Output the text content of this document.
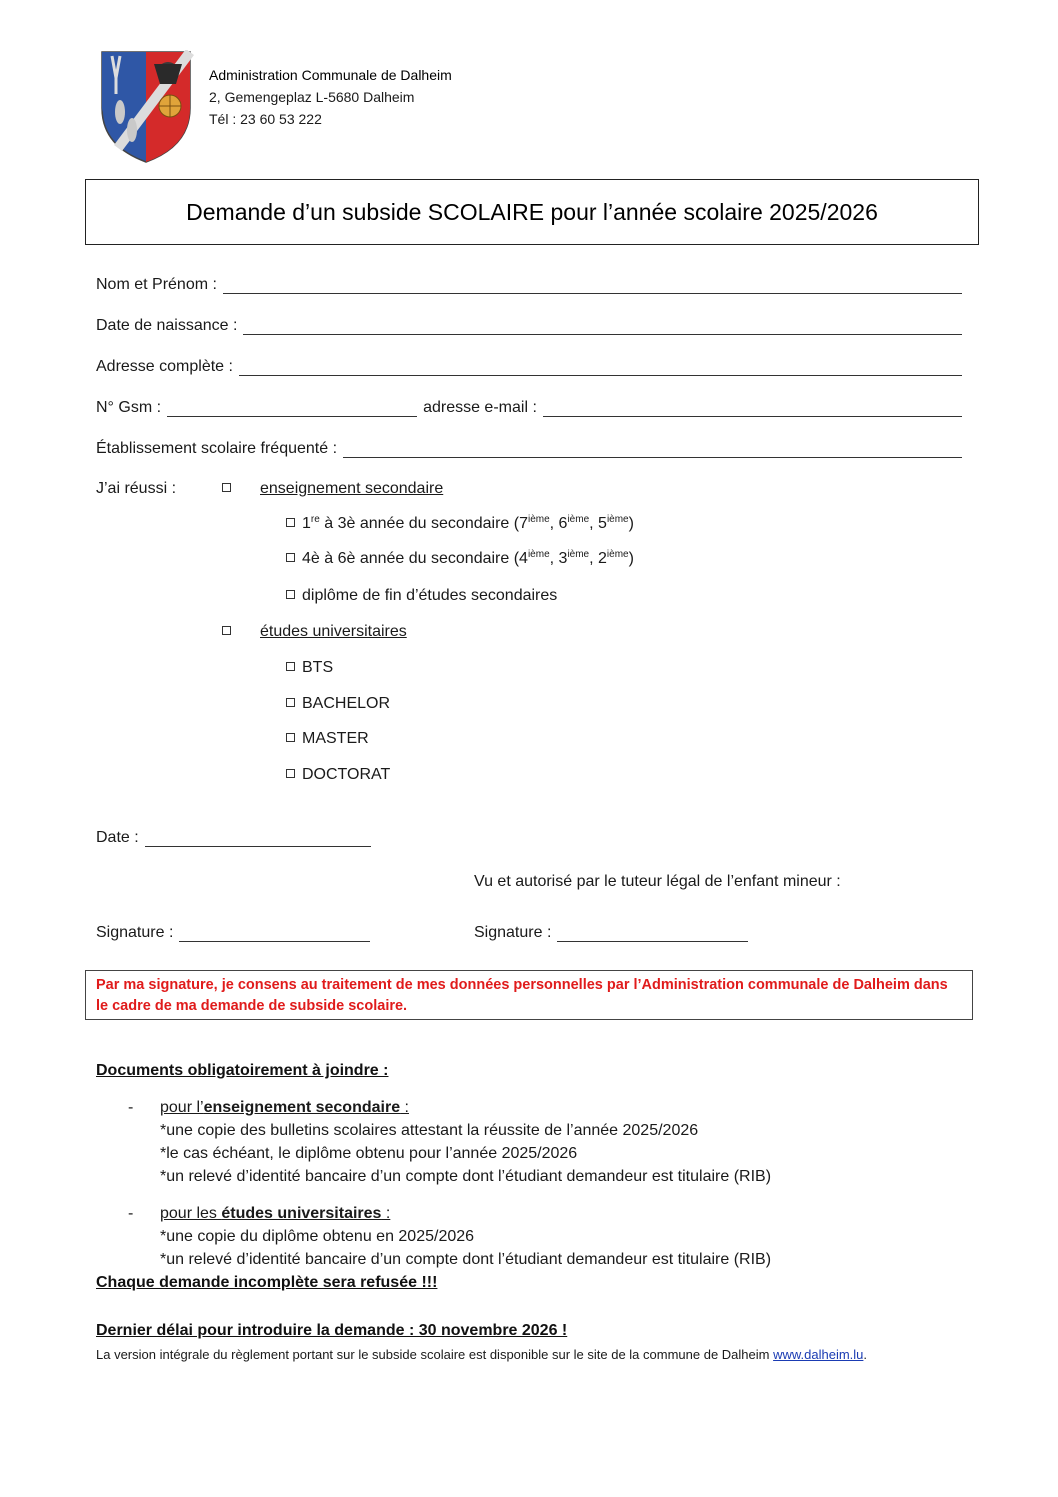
Administration Communale de Dalheim
2, Gemengeplaz L-5680 Dalheim
Tél : 23 60 53 222
Demande d’un subside SCOLAIRE pour l’année scolaire 2025/2026
Nom et Prénom :
Date de naissance :
Adresse complète :
N° Gsm :	adresse e-mail :
Établissement scolaire fréquenté :
J’ai réussi :	enseignement secondaire
1re à 3è année du secondaire (7ième, 6ième, 5ième)
4è à 6è année du secondaire (4ième, 3ième, 2ième)
diplôme de fin d’études secondaires
études universitaires
BTS
BACHELOR
MASTER
DOCTORAT
Date :
Vu et autorisé par le tuteur légal de l’enfant mineur :
Signature :	Signature :
Par ma signature, je consens au traitement de mes données personnelles par l’Administration communale de Dalheim dans le cadre de ma demande de subside scolaire.
Documents obligatoirement à joindre :
- pour l’enseignement secondaire :
*une copie des bulletins scolaires attestant la réussite de l’année 2025/2026
*le cas échéant, le diplôme obtenu pour l’année 2025/2026
*un relevé d’identité bancaire d’un compte dont l’étudiant demandeur est titulaire (RIB)
- pour les études universitaires :
*une copie du diplôme obtenu en 2025/2026
*un relevé d’identité bancaire d’un compte dont l’étudiant demandeur est titulaire (RIB)
Chaque demande incomplète sera refusée !!!
Dernier délai pour introduire la demande : 30 novembre 2026 !
La version intégrale du règlement portant sur le subside scolaire est disponible sur le site de la commune de Dalheim www.dalheim.lu.
